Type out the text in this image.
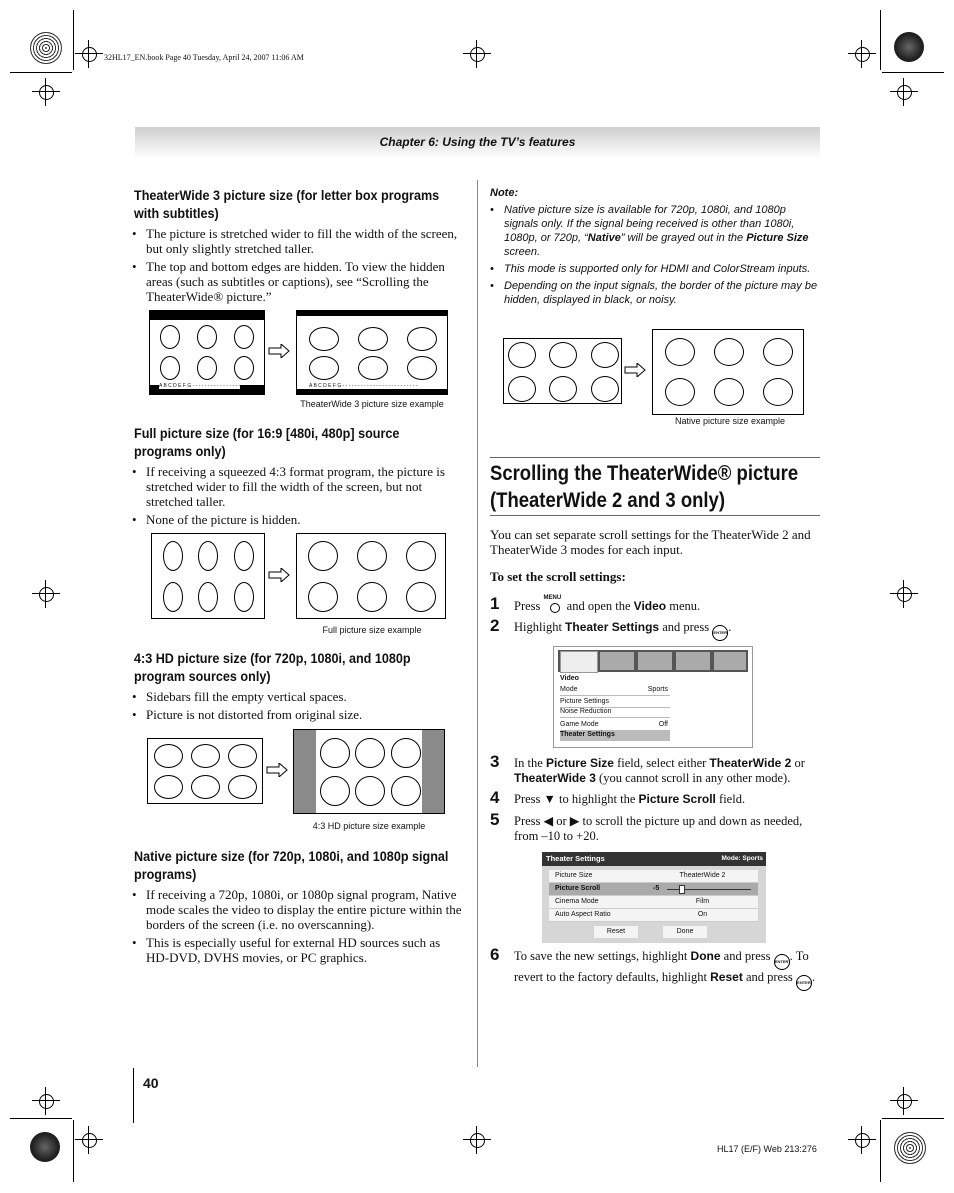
32HL17_EN.book Page 40 Tuesday, April 24, 2007 11:06 AM
Chapter 6: Using the TV’s features
TheaterWide 3 picture size (for letter box programs with subtitles)
• The picture is stretched wider to fill the width of the screen, but only slightly stretched taller.
• The top and bottom edges are hidden. To view the hidden areas (such as subtitles or captions), see “Scrolling the TheaterWide® picture.”
A B C D E F G - - - - - - - - - - - - - - - -	A B C D E F G - - - - - - - - - - - - - - - - - - - - - - - - -
TheaterWide 3 picture size example
Full picture size (for 16:9 [480i, 480p] source programs only)
• If receiving a squeezed 4:3 format program, the picture is stretched wider to fill the width of the screen, but not stretched taller.
• None of the picture is hidden.
Full picture size example
4:3 HD picture size (for 720p, 1080i, and 1080p program sources only)
• Sidebars fill the empty vertical spaces.
• Picture is not distorted from original size.
4:3 HD picture size example
Native picture size (for 720p, 1080i, and 1080p signal programs)
• If receiving a 720p, 1080i, or 1080p signal program, Native mode scales the video to display the entire picture within the borders of the screen (i.e. no overscanning).
• This is especially useful for external HD sources such as HD-DVD, DVHS movies, or PC graphics.
Note:
• Native picture size is available for 720p, 1080i, and 1080p signals only. If the signal being received is other than 1080i, 1080p, or 720p, “Native” will be grayed out in the Picture Size screen.
• This mode is supported only for HDMI and ColorStream inputs.
• Depending on the input signals, the border of the picture may be hidden, displayed in black, or noisy.
Native picture size example
Scrolling the TheaterWide® picture (TheaterWide 2 and 3 only)
You can set separate scroll settings for the TheaterWide 2 and TheaterWide 3 modes for each input.
To set the scroll settings:
1 Press
MENU
and open the Video menu.
2 Highlight Theater Settings and press ENTER.
Video
Mode	Sports
Picture Settings
Noise Reduction
Game Mode	Off
Theater Settings
3 In the Picture Size field, select either TheaterWide 2 or TheaterWide 3 (you cannot scroll in any other mode).
4 Press ▼ to highlight the Picture Scroll field.
5 Press ◀ or ▶ to scroll the picture up and down as needed, from –10 to +20.
Theater Settings	Mode: Sports
Picture Size	TheaterWide 2
Picture Scroll	-5
Cinema Mode	Film
Auto Aspect Ratio	On
Reset	Done
6 To save the new settings, highlight Done and press ENTER. To revert to the factory defaults, highlight Reset and press ENTER.
40
HL17 (E/F) Web 213:276
